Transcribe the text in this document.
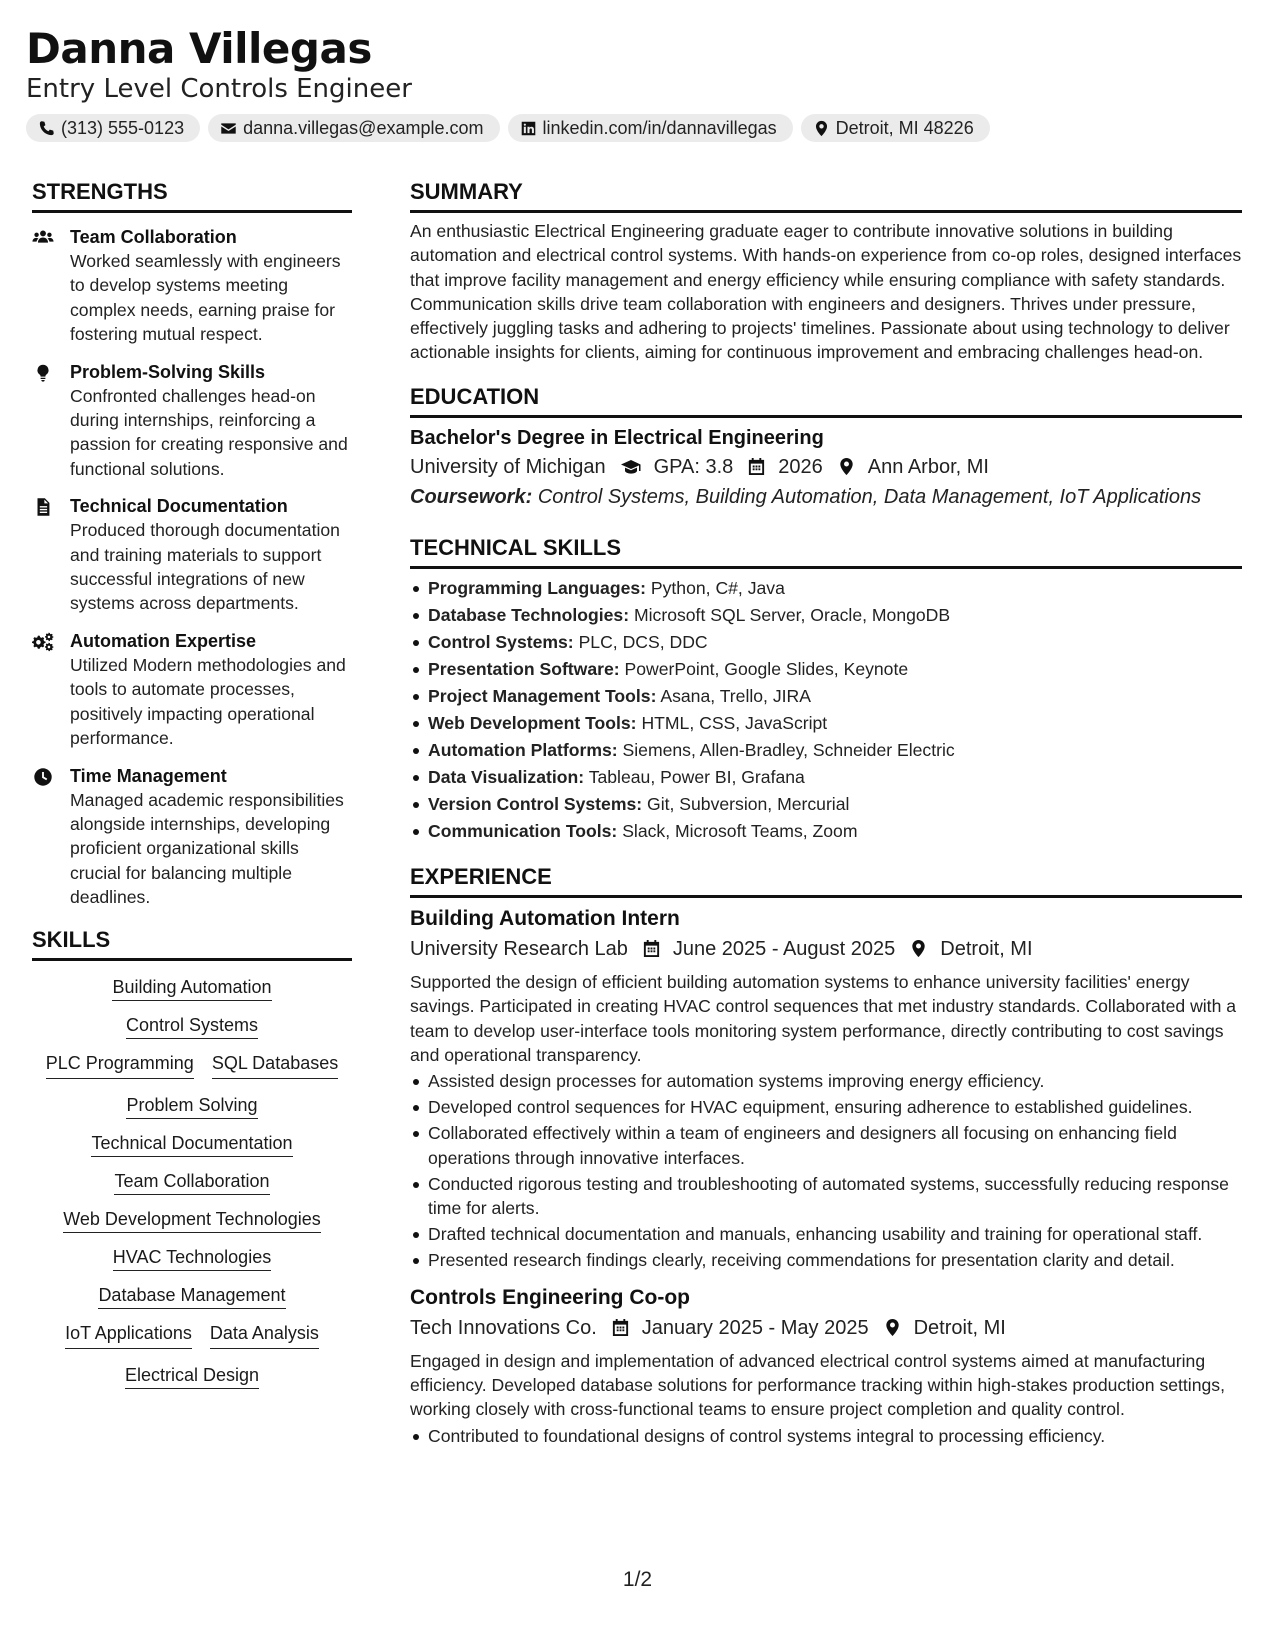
Danna Villegas
Entry Level Controls Engineer
(313) 555-0123	danna.villegas@example.com	linkedin.com/in/dannavillegas	Detroit, MI 48226
STRENGTHS
Team Collaboration
Worked seamlessly with engineers to develop systems meeting complex needs, earning praise for fostering mutual respect.
Problem-Solving Skills
Confronted challenges head-on during internships, reinforcing a passion for creating responsive and functional solutions.
Technical Documentation
Produced thorough documentation and training materials to support successful integrations of new systems across departments.
Automation Expertise
Utilized Modern methodologies and tools to automate processes, positively impacting operational performance.
Time Management
Managed academic responsibilities alongside internships, developing proficient organizational skills crucial for balancing multiple deadlines.
SKILLS
Building Automation
Control Systems
PLC Programming SQL Databases
Problem Solving
Technical Documentation
Team Collaboration
Web Development Technologies
HVAC Technologies
Database Management
IoT Applications Data Analysis
Electrical Design
SUMMARY
An enthusiastic Electrical Engineering graduate eager to contribute innovative solutions in building automation and electrical control systems. With hands-on experience from co-op roles, designed interfaces that improve facility management and energy efficiency while ensuring compliance with safety standards. Communication skills drive team collaboration with engineers and designers. Thrives under pressure, effectively juggling tasks and adhering to projects' timelines. Passionate about using technology to deliver actionable insights for clients, aiming for continuous improvement and embracing challenges head-on.
EDUCATION
Bachelor's Degree in Electrical Engineering
University of Michigan GPA: 3.8 2026 Ann Arbor, MI
Coursework: Control Systems, Building Automation, Data Management, IoT Applications
TECHNICAL SKILLS
Programming Languages: Python, C#, Java
Database Technologies: Microsoft SQL Server, Oracle, MongoDB
Control Systems: PLC, DCS, DDC
Presentation Software: PowerPoint, Google Slides, Keynote
Project Management Tools: Asana, Trello, JIRA
Web Development Tools: HTML, CSS, JavaScript
Automation Platforms: Siemens, Allen-Bradley, Schneider Electric
Data Visualization: Tableau, Power BI, Grafana
Version Control Systems: Git, Subversion, Mercurial
Communication Tools: Slack, Microsoft Teams, Zoom
EXPERIENCE
Building Automation Intern
University Research Lab June 2025 - August 2025 Detroit, MI
Supported the design of efficient building automation systems to enhance university facilities' energy savings. Participated in creating HVAC control sequences that met industry standards. Collaborated with a team to develop user-interface tools monitoring system performance, directly contributing to cost savings and operational transparency.
Assisted design processes for automation systems improving energy efficiency.
Developed control sequences for HVAC equipment, ensuring adherence to established guidelines.
Collaborated effectively within a team of engineers and designers all focusing on enhancing field operations through innovative interfaces.
Conducted rigorous testing and troubleshooting of automated systems, successfully reducing response time for alerts.
Drafted technical documentation and manuals, enhancing usability and training for operational staff.
Presented research findings clearly, receiving commendations for presentation clarity and detail.
Controls Engineering Co-op
Tech Innovations Co. January 2025 - May 2025 Detroit, MI
Engaged in design and implementation of advanced electrical control systems aimed at manufacturing efficiency. Developed database solutions for performance tracking within high-stakes production settings, working closely with cross-functional teams to ensure project completion and quality control.
Contributed to foundational designs of control systems integral to processing efficiency.
1/2
